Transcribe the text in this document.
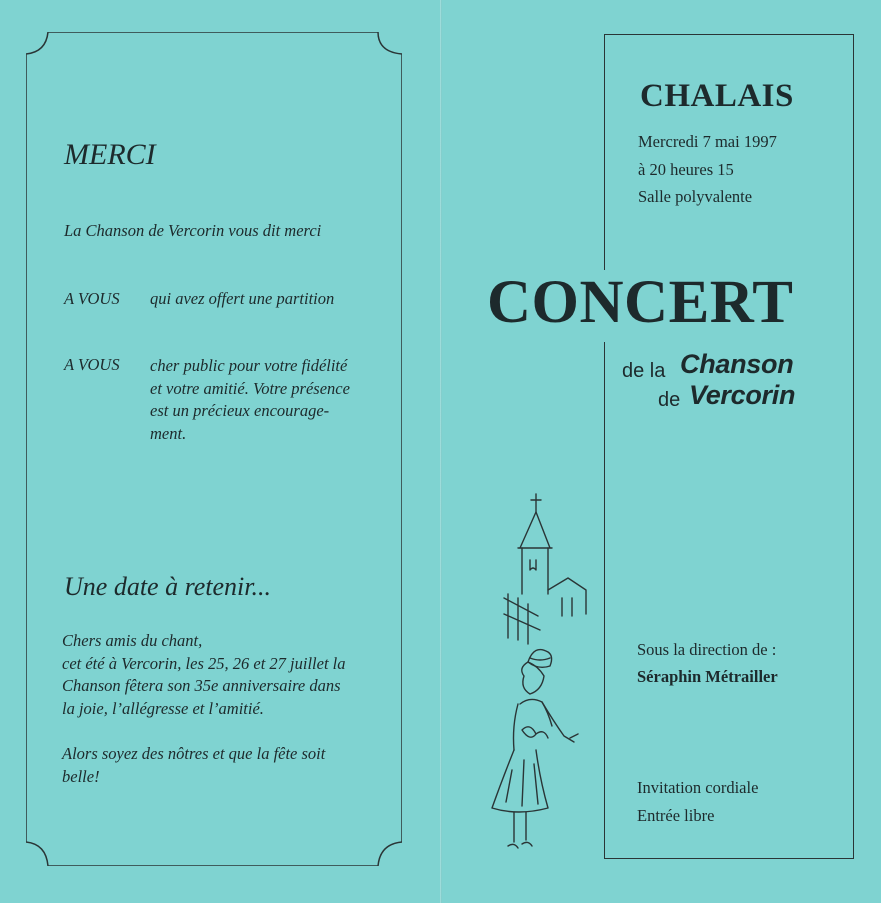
MERCI
La Chanson de Vercorin vous dit merci
A VOUS qui avez offert une partition
A VOUS cher public pour votre fidélité
et votre amitié. Votre présence
est un précieux encourage-
ment.
Une date à retenir...
Chers amis du chant,
cet été à Vercorin, les 25, 26 et 27 juillet la
Chanson fêtera son 35e anniversaire dans
la joie, l’allégresse et l’amitié.
Alors soyez des nôtres et que la fête soit
belle!
CHALAIS
Mercredi 7 mai 1997
à 20 heures 15
Salle polyvalente
CONCERT
de la Chanson
de Vercorin
Sous la direction de :
Séraphin Métrailler
Invitation cordiale
Entrée libre
